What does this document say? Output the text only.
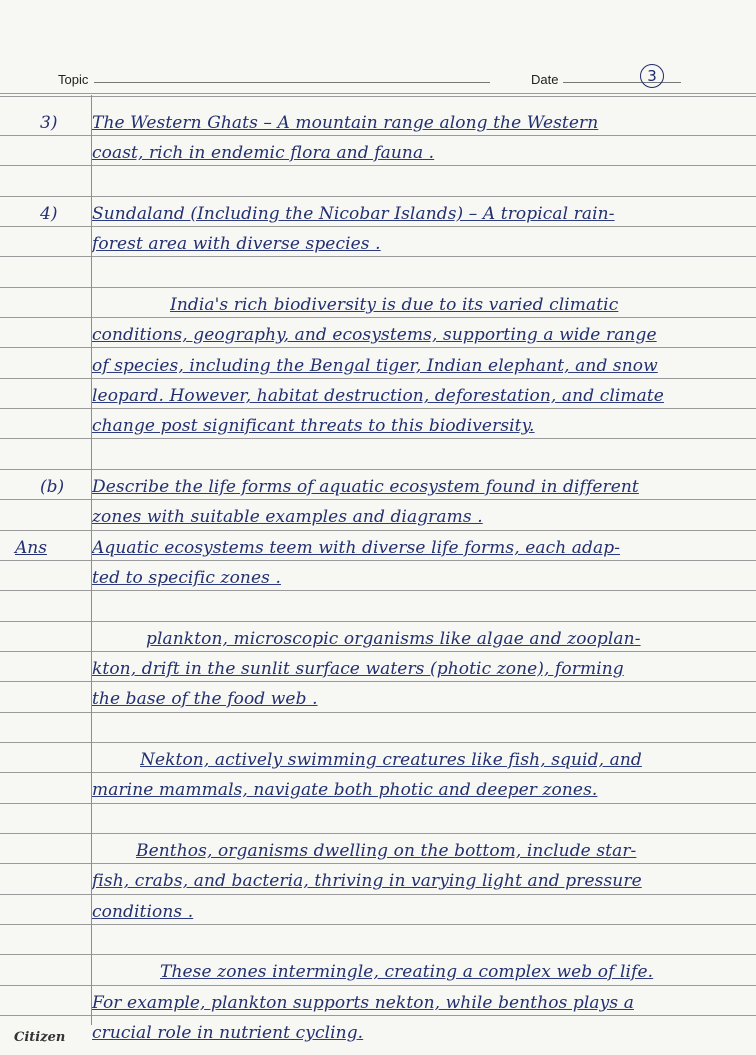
Topic	Date	3
3)	The Western Ghats – A mountain range along the Western
coast, rich in endemic flora and fauna .
4)	Sundaland (Including the Nicobar Islands) – A tropical rain-
forest area with diverse species .
India's rich biodiversity is due to its varied climatic
conditions, geography, and ecosystems, supporting a wide range
of species, including the Bengal tiger, Indian elephant, and snow
leopard. However, habitat destruction, deforestation, and climate
change post significant threats to this biodiversity.
(b)	Describe the life forms of aquatic ecosystem found in different
zones with suitable examples and diagrams .
Ans	Aquatic ecosystems teem with diverse life forms, each adap-
ted to specific zones .
plankton, microscopic organisms like algae and zooplan-
kton, drift in the sunlit surface waters (photic zone), forming
the base of the food web .
Nekton, actively swimming creatures like fish, squid, and
marine mammals, navigate both photic and deeper zones.
Benthos, organisms dwelling on the bottom, include star-
fish, crabs, and bacteria, thriving in varying light and pressure
conditions .
These zones intermingle, creating a complex web of life.
For example, plankton supports nekton, while benthos plays a
crucial role in nutrient cycling.
Citizen
